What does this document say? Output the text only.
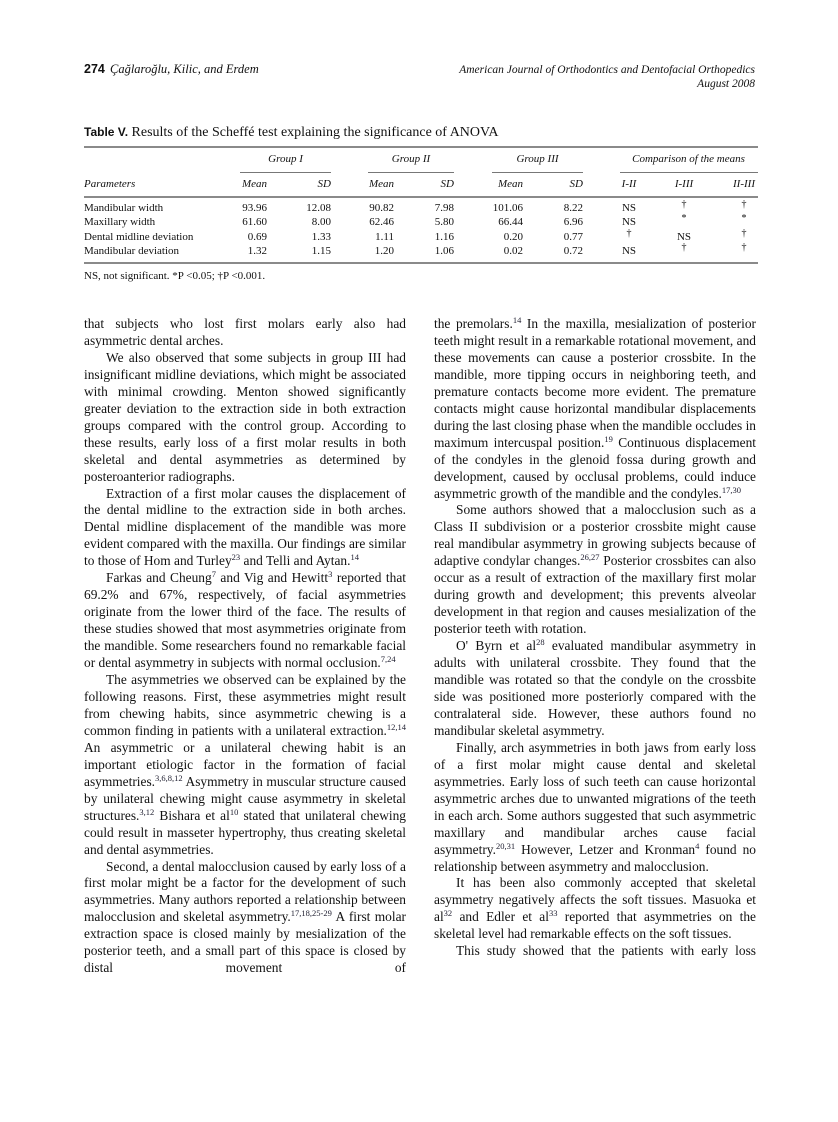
274 Çağlaroğlu, Kilic, and Erdem	American Journal of Orthodontics and Dentofacial Orthopedics
August 2008
Table V. Results of the Scheffé test explaining the significance of ANOVA
Group I	Group II	Group III	Comparison of the means
Parameters	Mean	SD	Mean	SD	Mean	SD	I-II	I-III	II-III
Mandibular width	93.96	12.08	90.82	7.98	101.06	8.22	NS	†	†
Maxillary width	61.60	8.00	62.46	5.80	66.44	6.96	NS	*	*
Dental midline deviation	0.69	1.33	1.11	1.16	0.20	0.77	†	NS	†
Mandibular deviation	1.32	1.15	1.20	1.06	0.02	0.72	NS	†	†
NS, not significant. *P <0.05; †P <0.001.

that subjects who lost first molars early also had asymmetric dental arches.

We also observed that some subjects in group III had insignificant midline deviations, which might be associated with minimal crowding. Menton showed significantly greater deviation to the extraction side in both extraction groups compared with the control group. According to these results, early loss of a first molar results in both skeletal and dental asymmetries as determined by posteroanterior radiographs.

Extraction of a first molar causes the displacement of the dental midline to the extraction side in both arches. Dental midline displacement of the mandible was more evident compared with the maxilla. Our findings are similar to those of Hom and Turley$^{23}$ and Telli and Aytan.$^{14}$

Farkas and Cheung$^7$ and Vig and Hewitt$^3$ reported that 69.2% and 67%, respectively, of facial asymmetries originate from the lower third of the face. The results of these studies showed that most asymmetries originate from the mandible. Some researchers found no remarkable facial or dental asymmetry in subjects with normal occlusion.$^{7,24}$

The asymmetries we observed can be explained by the following reasons. First, these asymmetries might result from chewing habits, since asymmetric chewing is a common finding in patients with a unilateral extraction.$^{12,14}$ An asymmetric or a unilateral chewing habit is an important etiologic factor in the formation of facial asymmetries.$^{3,6,8,12}$ Asymmetry in muscular structure caused by unilateral chewing might cause asymmetry in skeletal structures.$^{3,12}$ Bishara et $al^{10}$ stated that unilateral chewing could result in masseter hypertrophy, thus creating skeletal and dental asymmetries.

Second, a dental malocclusion caused by early loss of a first molar might be a factor for the development of such asymmetries. Many authors reported a relationship between malocclusion and skeletal asymmetry.$^{17,18,25-29}$ A first molar extraction space is closed mainly by mesialization of the posterior teeth, and a small part of this space is closed by distal movement of

the premolars.$^{14}$ In the maxilla, mesialization of posterior teeth might result in a remarkable rotational movement, and these movements can cause a posterior crossbite. In the mandible, more tipping occurs in neighboring teeth, and premature contacts become more evident. The premature contacts might cause horizontal mandibular displacements during the last closing phase when the mandible occludes in maximum intercuspal position.$^{19}$ Continuous displacement of the condyles in the glenoid fossa during growth and development, caused by occlusal problems, could induce asymmetric growth of the mandible and the condyles.$^{17,30}$

Some authors showed that a malocclusion such as a Class II subdivision or a posterior crossbite might cause real mandibular asymmetry in growing subjects because of adaptive condylar changes.$^{26,27}$ Posterior crossbites can also occur as a result of extraction of the maxillary first molar during growth and development; this prevents alveolar development in that region and causes mesialization of the posterior teeth with rotation.

O' Byrn et $al^{28}$ evaluated mandibular asymmetry in adults with unilateral crossbite. They found that the mandible was rotated so that the condyle on the crossbite side was positioned more posteriorly compared with the contralateral side. However, these authors found no mandibular skeletal asymmetry.

Finally, arch asymmetries in both jaws from early loss of a first molar might cause dental and skeletal asymmetries. Early loss of such teeth can cause horizontal asymmetric arches due to unwanted migrations of the teeth in each arch. Some authors suggested that such asymmetric maxillary and mandibular arches cause facial asymmetry.$^{20,31}$ However, Letzer and Kronman$^4$ found no relationship between asymmetry and malocclusion.

It has been also commonly accepted that skeletal asymmetry negatively affects the soft tissues. Masuoka et $al^{32}$ and Edler et $al^{33}$ reported that asymmetries on the skeletal level had remarkable effects on the soft tissues.

This study showed that the patients with early loss
